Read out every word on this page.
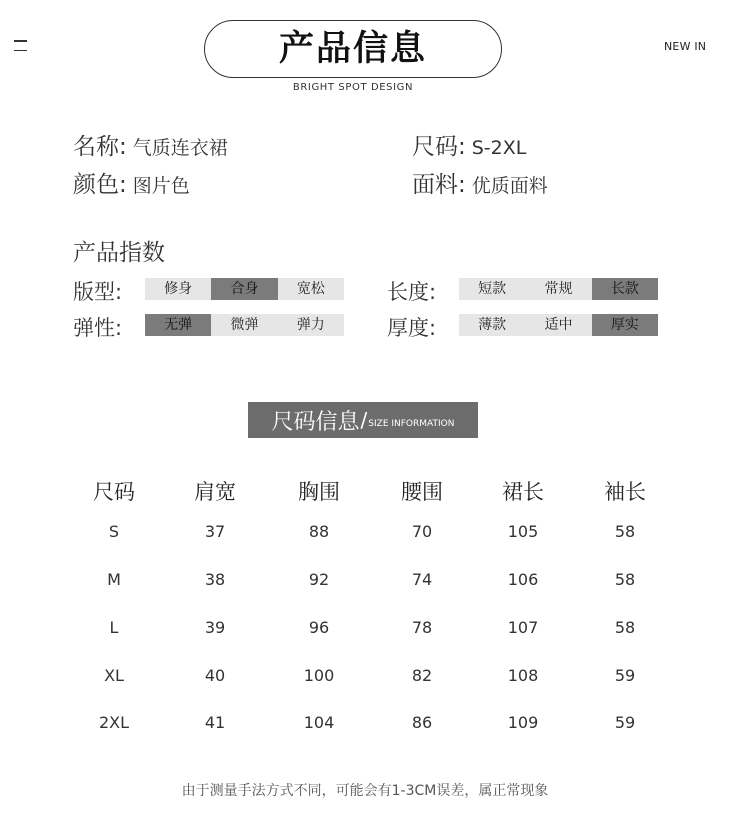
NEW IN
产品信息
BRIGHT SPOT DESIGN
名称: 气质连衣裙	尺码: S-2XL
颜色: 图片色	面料: 优质面料
产品指数
版型:	修身	合身	宽松	长度:	短款	常规	长款
弹性:	无弹	微弹	弹力	厚度:	薄款	适中	厚实
尺码信息 / SIZE INFORMATION
尺码	肩宽	胸围	腰围	裙长	袖长
S	37	88	70	105	58
M	38	92	74	106	58
L	39	96	78	107	58
XL	40	100	82	108	59
2XL	41	104	86	109	59
由于测量手法方式不同，可能会有1-3CM误差，属正常现象
